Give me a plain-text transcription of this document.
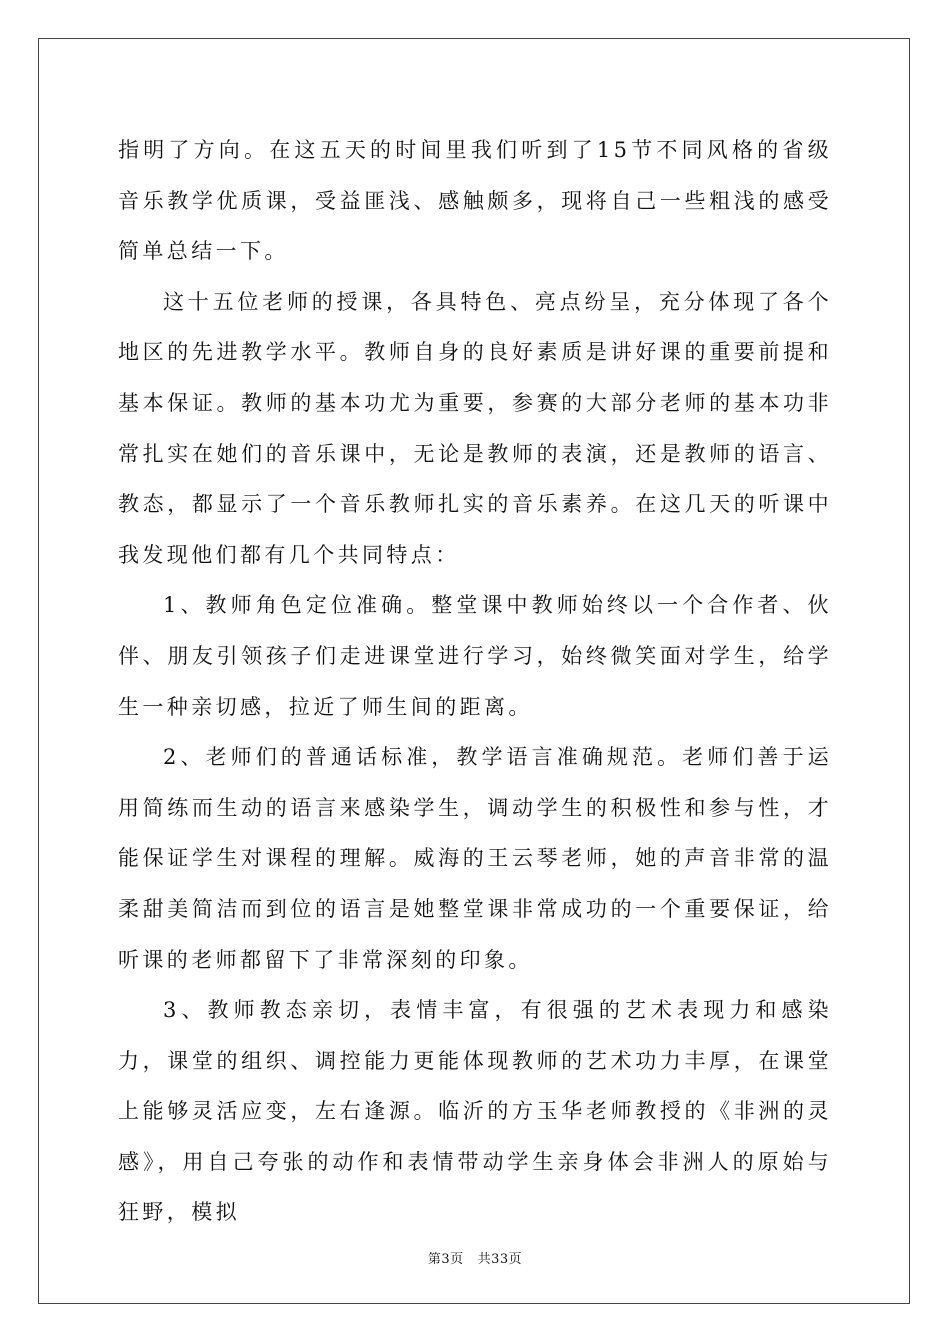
指明了方向。在这五天的时间里我们听到了15节不同风格的省级音乐教学优质课，受益匪浅、感触颇多，现将自己一些粗浅的感受简单总结一下。

这十五位老师的授课，各具特色、亮点纷呈，充分体现了各个地区的先进教学水平。教师自身的良好素质是讲好课的重要前提和基本保证。教师的基本功尤为重要，参赛的大部分老师的基本功非常扎实在她们的音乐课中，无论是教师的表演，还是教师的语言、教态，都显示了一个音乐教师扎实的音乐素养。在这几天的听课中我发现他们都有几个共同特点：

1、教师角色定位准确。整堂课中教师始终以一个合作者、伙伴、朋友引领孩子们走进课堂进行学习，始终微笑面对学生，给学生一种亲切感，拉近了师生间的距离。

2、老师们的普通话标准，教学语言准确规范。老师们善于运用简练而生动的语言来感染学生，调动学生的积极性和参与性，才能保证学生对课程的理解。威海的王云琴老师，她的声音非常的温柔甜美简洁而到位的语言是她整堂课非常成功的一个重要保证，给听课的老师都留下了非常深刻的印象。

3、教师教态亲切，表情丰富，有很强的艺术表现力和感染力，课堂的组织、调控能力更能体现教师的艺术功力丰厚，在课堂上能够灵活应变，左右逢源。临沂的方玉华老师教授的《非洲的灵感》，用自己夸张的动作和表情带动学生亲身体会非洲人的原始与狂野，模拟

第3页 共33页
